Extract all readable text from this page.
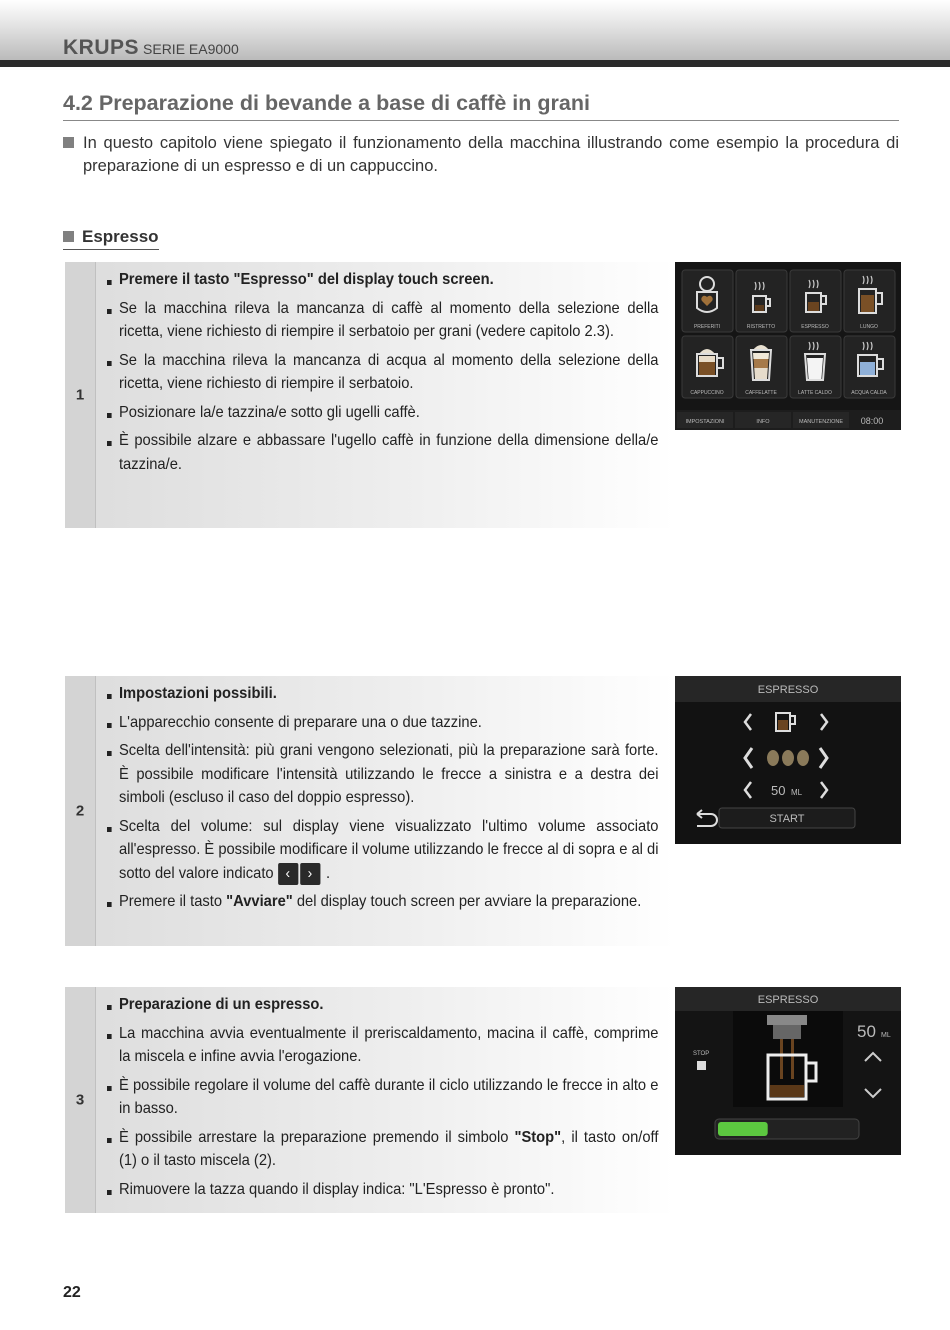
KRUPS SERIE EA9000
4.2 Preparazione di bevande a base di caffè in grani
In questo capitolo viene spiegato il funzionamento della macchina illustrando come esempio la procedura di preparazione di un espresso e di un cappuccino.
Espresso
1
Premere il tasto "Espresso" del display touch screen.
Se la macchina rileva la mancanza di caffè al momento della selezione della ricetta, viene richiesto di riempire il serbatoio per grani (vedere capitolo 2.3).
Se la macchina rileva la mancanza di acqua al momento della selezione della ricetta, viene richiesto di riempire il serbatoio.
Posizionare la/e tazzina/e sotto gli ugelli caffè.
È possibile alzare e abbassare l'ugello caffè in funzione della dimensione della/e tazzina/e.
PREFERITI	RISTRETTO	ESPRESSO	LUNGO
CAPPUCCINO	CAFFELATTE	LATTE CALDO	ACQUA CALDA
IMPOSTAZIONI	INFO	MANUTENZIONE 08:00
2
Impostazioni possibili.
L'apparecchio consente di preparare una o due tazzine.
Scelta dell'intensità: più grani vengono selezionati, più la preparazione sarà forte. È possibile modificare l'intensità utilizzando le frecce a sinistra e a destra dei simboli (escluso il caso del doppio espresso).
Scelta del volume: sul display viene visualizzato l'ultimo volume associato all'espresso. È possibile modificare il volume utilizzando le frecce al di sopra e al di sotto del valore indicato ‹ › .
Premere il tasto "Avviare" del display touch screen per avviare la preparazione.
ESPRESSO
50 ML
START
3
Preparazione di un espresso.
La macchina avvia eventualmente il preriscaldamento, macina il caffè, comprime la miscela e infine avvia l'erogazione.
È possibile regolare il volume del caffè durante il ciclo utilizzando le frecce in alto e in basso.
È possibile arrestare la preparazione premendo il simbolo "Stop", il tasto on/off (1) o il tasto miscela (2).
Rimuovere la tazza quando il display indica: "L'Espresso è pronto".
ESPRESSO
STOP
50 ML
22
